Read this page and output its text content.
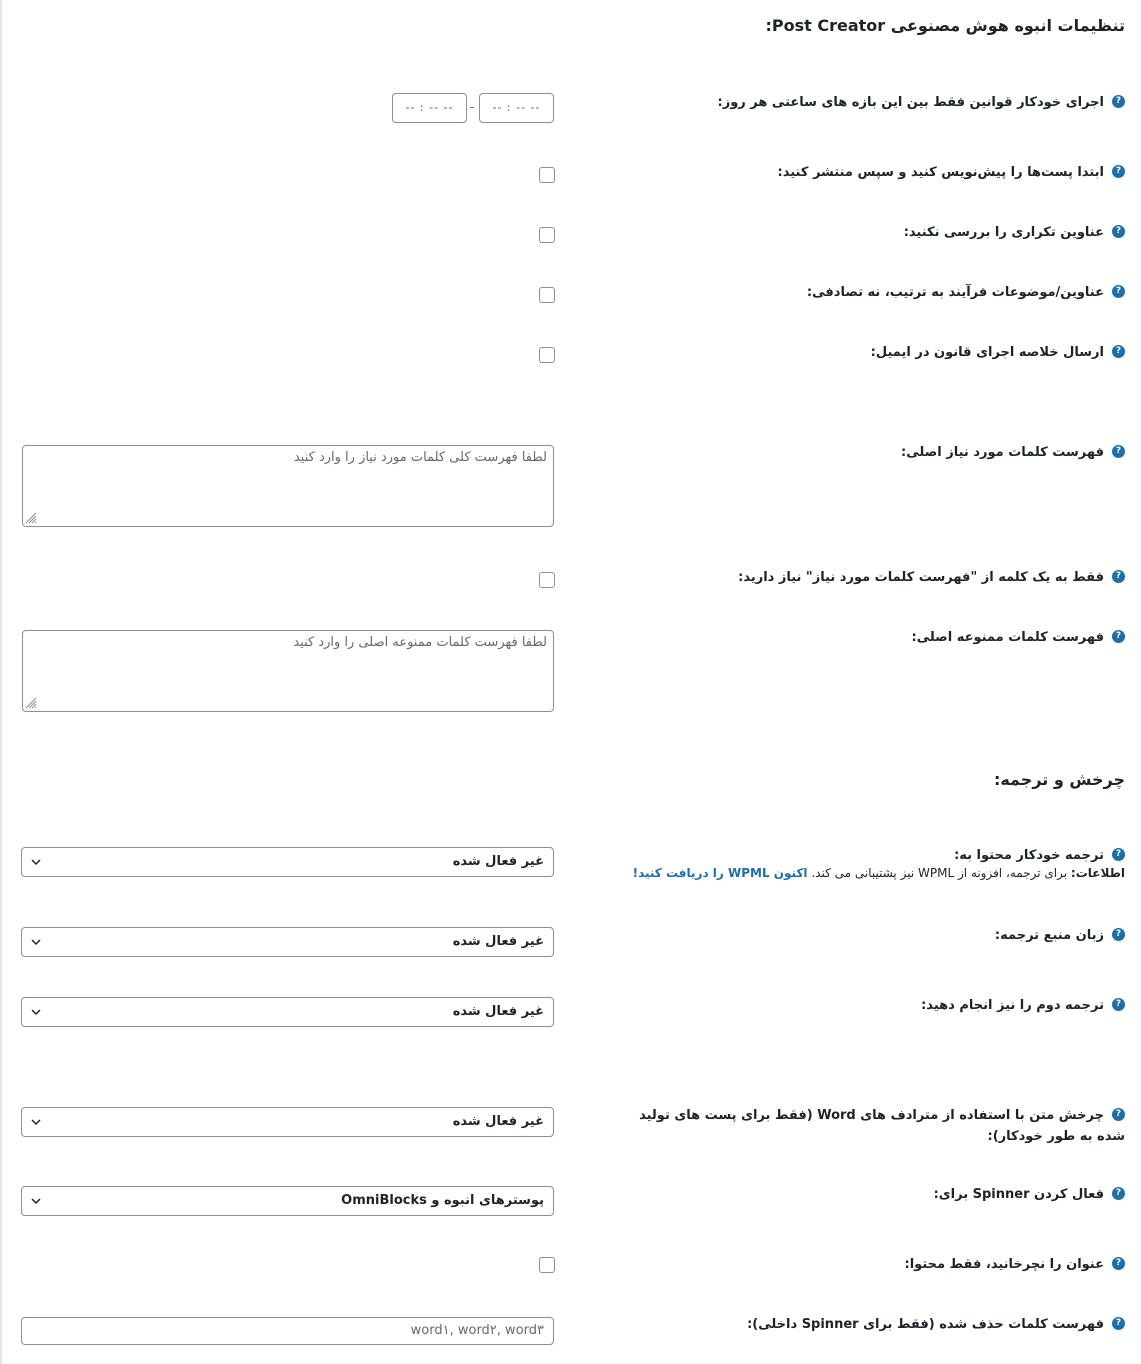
تنظیمات انبوه هوش مصنوعی Post Creator:
?اجرای خودکار قوانین فقط بین این بازه های ساعتی هر روز:
-- : -- --
-
-- : -- --
?ابتدا پست‌ها را پیش‌نویس کنید و سپس منتشر کنید:
?عناوین تکراری را بررسی نکنید:
?عناوین/موضوعات فرآیند به ترتیب، نه تصادفی:
?ارسال خلاصه اجرای قانون در ایمیل:
?فهرست کلمات مورد نیاز اصلی:
لطفا فهرست کلی کلمات مورد نیاز را وارد کنید
?فقط به یک کلمه از "فهرست کلمات مورد نیاز" نیاز دارید:
?فهرست کلمات ممنوعه اصلی:
لطفا فهرست کلمات ممنوعه اصلی را وارد کنید
چرخش و ترجمه:
?ترجمه خودکار محتوا به:
اطلاعات: برای ترجمه، افزونه از WPML نیز پشتیبانی می کند. اکنون WPML را دریافت کنید!
غیر فعال شده
?زبان منبع ترجمه:
غیر فعال شده
?ترجمه دوم را نیز انجام دهید:
غیر فعال شده
?چرخش متن با استفاده از مترادف های Word (فقط برای پست های تولید شده به طور خودکار):
غیر فعال شده
?فعال کردن Spinner برای:
پوسترهای انبوه و OmniBlocks
?عنوان را نچرخانید، فقط محتوا:
?فهرست کلمات حذف شده (فقط برای Spinner داخلی):
word۱, word۲, word۳
